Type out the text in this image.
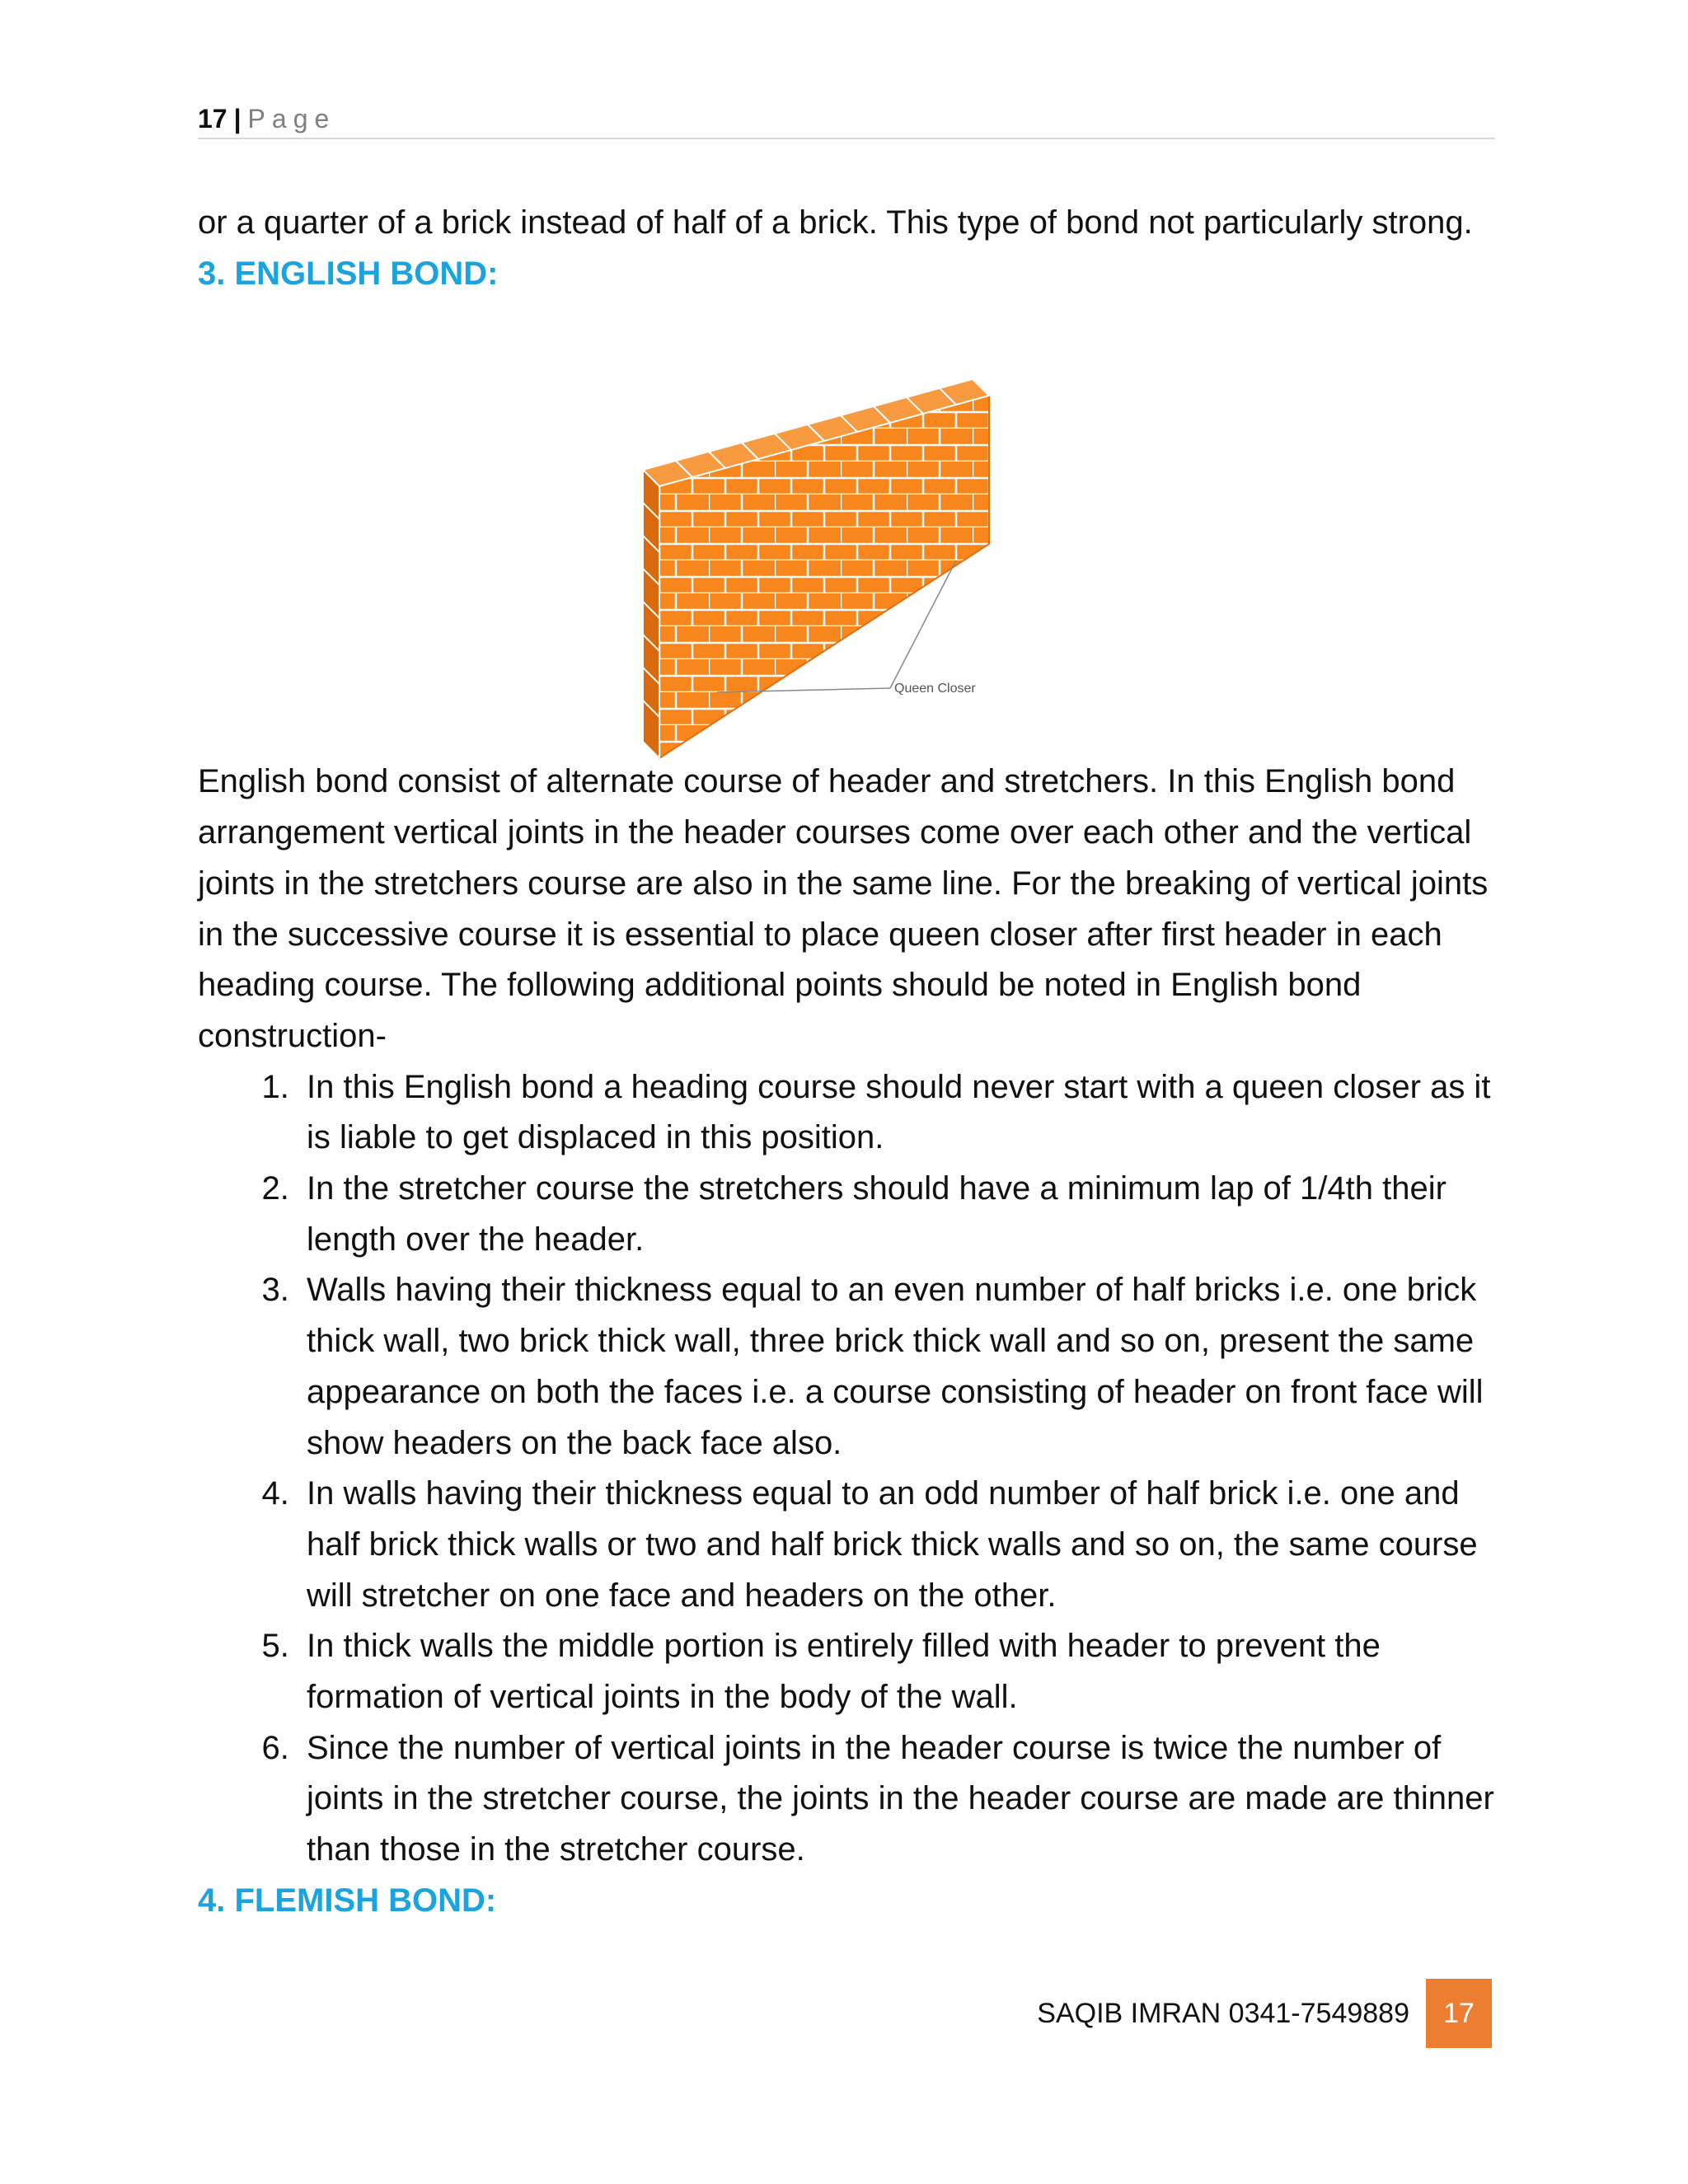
17 | Page

or a quarter of a brick instead of half of a brick. This type of bond not particularly strong.

3. ENGLISH BOND:

English bond consist of alternate course of header and stretchers. In this English bond arrangement vertical joints in the header courses come over each other and the vertical joints in the stretchers course are also in the same line. For the breaking of vertical joints in the successive course it is essential to place queen closer after first header in each heading course. The following additional points should be noted in English bond construction-

1. In this English bond a heading course should never start with a queen closer as it is liable to get displaced in this position.
2. In the stretcher course the stretchers should have a minimum lap of 1/4th their length over the header.
3. Walls having their thickness equal to an even number of half bricks i.e. one brick thick wall, two brick thick wall, three brick thick wall and so on, present the same appearance on both the faces i.e. a course consisting of header on front face will show headers on the back face also.
4. In walls having their thickness equal to an odd number of half brick i.e. one and half brick thick walls or two and half brick thick walls and so on, the same course will stretcher on one face and headers on the other.
5. In thick walls the middle portion is entirely filled with header to prevent the formation of vertical joints in the body of the wall.
6. Since the number of vertical joints in the header course is twice the number of joints in the stretcher course, the joints in the header course are made are thinner than those in the stretcher course.
4. FLEMISH BOND:
Queen Closer
SAQIB IMRAN 0341-7549889	17
